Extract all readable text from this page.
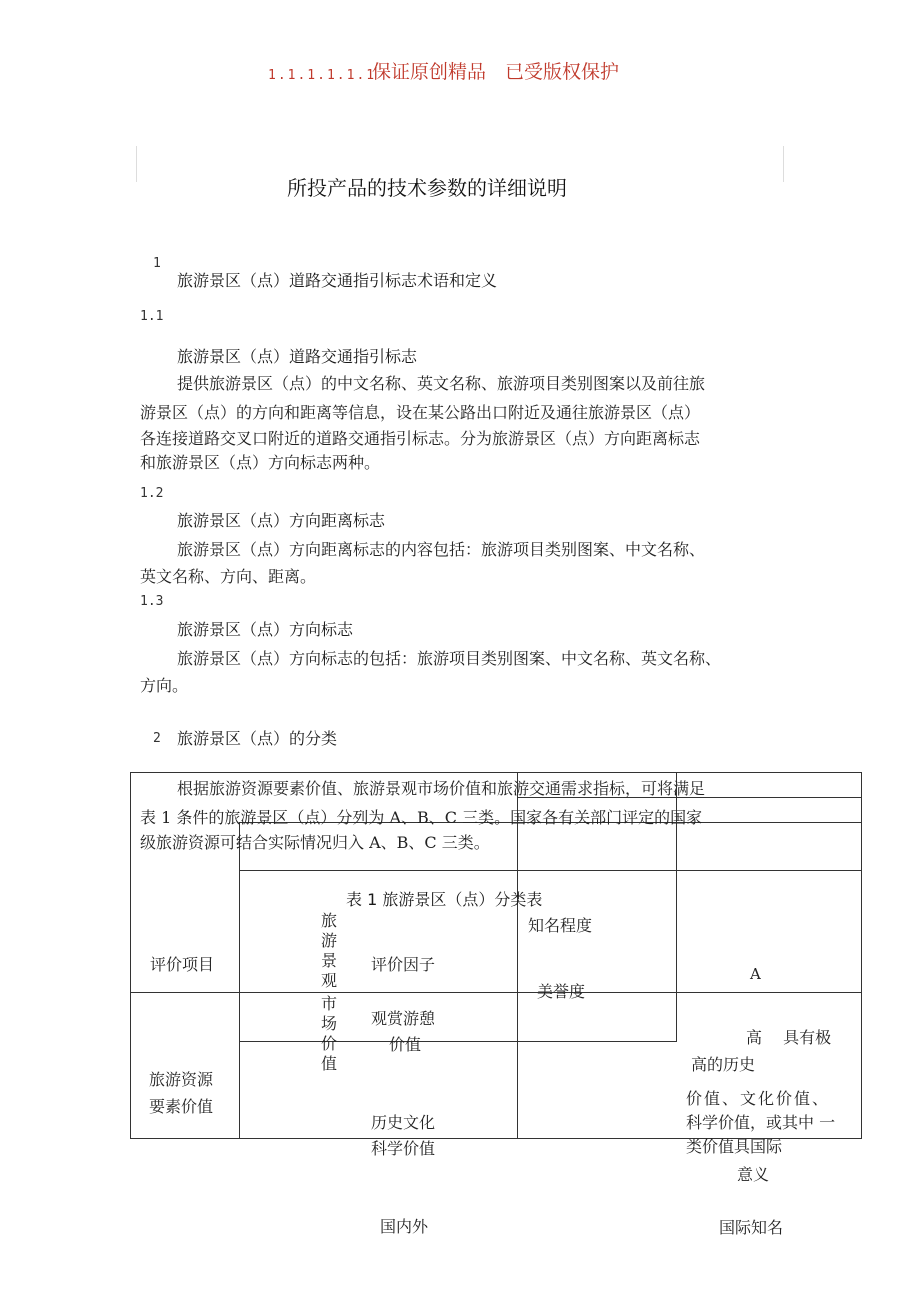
1.1.1.1.1.1
保证原创精品　已受版权保护
所投产品的技术参数的详细说明
1
旅游景区（点）道路交通指引标志术语和定义
1.1
旅游景区（点）道路交通指引标志
提供旅游景区（点）的中文名称、英文名称、旅游项目类别图案以及前往旅
游景区（点）的方向和距离等信息，设在某公路出口附近及通往旅游景区（点）
各连接道路交叉口附近的道路交通指引标志。分为旅游景区（点）方向距离标志
和旅游景区（点）方向标志两种。
1.2
旅游景区（点）方向距离标志
旅游景区（点）方向距离标志的内容包括：旅游项目类别图案、中文名称、
英文名称、方向、距离。
1.3
旅游景区（点）方向标志
旅游景区（点）方向标志的包括：旅游项目类别图案、中文名称、英文名称、
方向。
2 旅游景区（点）的分类
根据旅游资源要素价值、旅游景观市场价值和旅游交通需求指标，可将满足
表 1 条件的旅游景区（点）分列为 A、B、C 三类。国家各有关部门评定的国家
级旅游资源可结合实际情况归入 A、B、C 三类。
表 1 旅游景区（点）分类表
评价项目
旅游景观
市场价值
评价因子
知名程度
美誉度
A
旅游资源
要素价值
观赏游憩
价值
历史文化
科学价值
高　 具有极
高的历史
价值、文化价值、
科学价值，或其中 一
类价值具国际
意义
国内外	国际知名
